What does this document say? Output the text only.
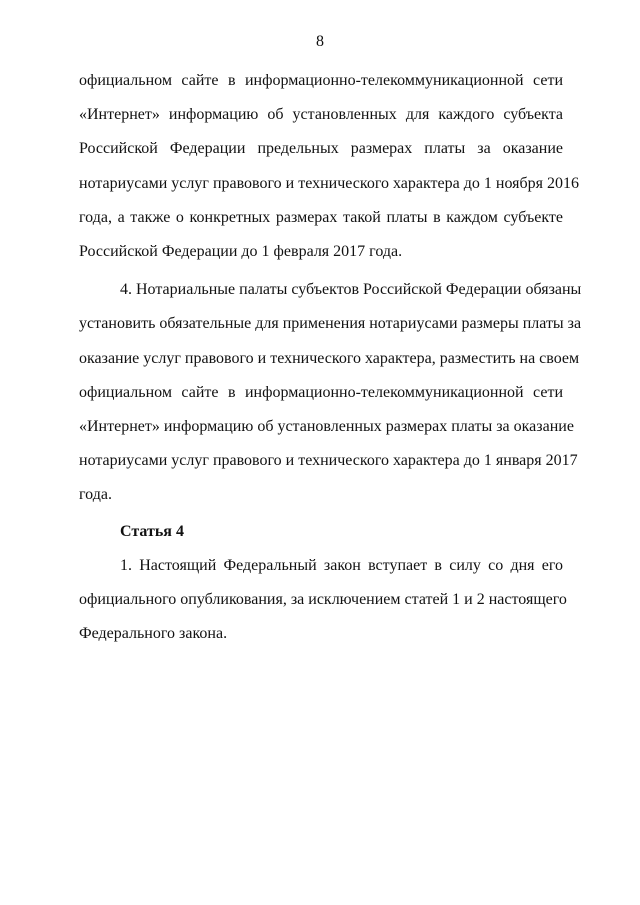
8
официальном сайте в информационно-телекоммуникационной сети
«Интернет» информацию об установленных для каждого субъекта
Российской Федерации предельных размерах платы за оказание
нотариусами услуг правового и технического характера до 1 ноября 2016
года, а также о конкретных размерах такой платы в каждом субъекте
Российской Федерации до 1 февраля 2017 года.
4. Нотариальные палаты субъектов Российской Федерации обязаны
установить обязательные для применения нотариусами размеры платы за
оказание услуг правового и технического характера, разместить на своем
официальном сайте в информационно-телекоммуникационной сети
«Интернет» информацию об установленных размерах платы за оказание
нотариусами услуг правового и технического характера до 1 января 2017
года.
Статья 4
1. Настоящий Федеральный закон вступает в силу со дня его
официального опубликования, за исключением статей 1 и 2 настоящего
Федерального закона.
